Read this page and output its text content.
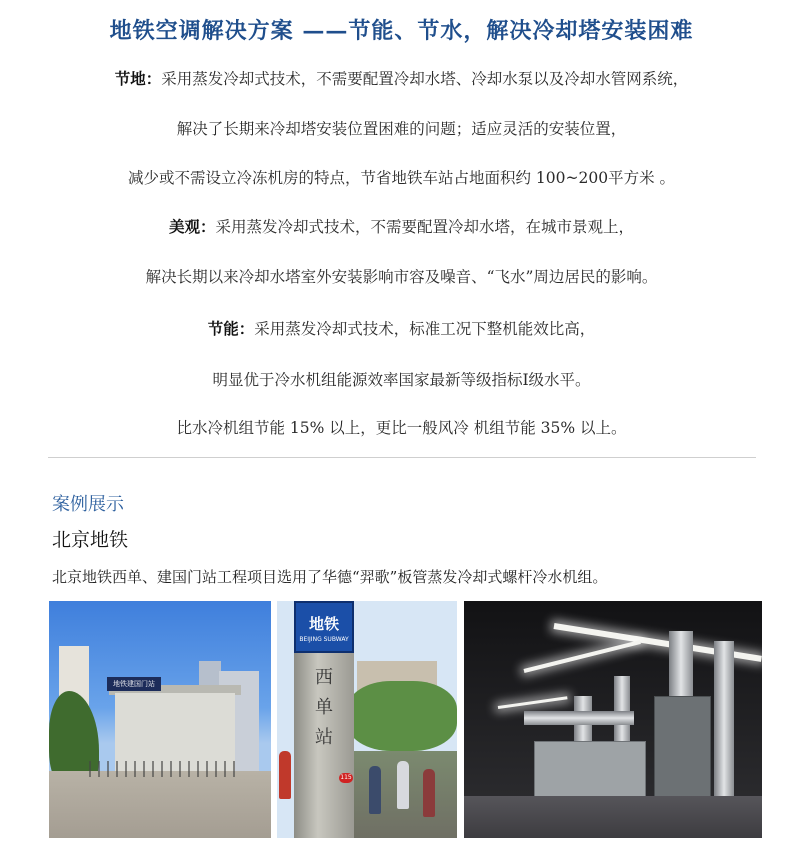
地铁空调解决方案 ——节能、节水，解决冷却塔安装困难
节地：采用蒸发冷却式技术，不需要配置冷却水塔、冷却水泵以及冷却水管网系统，
解决了长期来冷却塔安装位置困难的问题；适应灵活的安装位置，
减少或不需设立冷冻机房的特点，节省地铁车站占地面积约 100~200平方米 。
美观：采用蒸发冷却式技术，不需要配置冷却水塔，在城市景观上，
解决长期以来冷却水塔室外安装影响市容及噪音、“飞水”周边居民的影响。
节能：采用蒸发冷却式技术，标准工况下整机能效比高，
明显优于冷水机组能源效率国家最新等级指标Ⅰ级水平。
比水冷机组节能 15% 以上，更比一般风冷 机组节能 35% 以上。
案例展示
北京地铁
北京地铁西单、建国门站工程项目选用了华德“羿歌”板管蒸发冷却式螺杆冷水机组。
地铁建国门站
地铁
BEIJING SUBWAY
西
单
站
115
